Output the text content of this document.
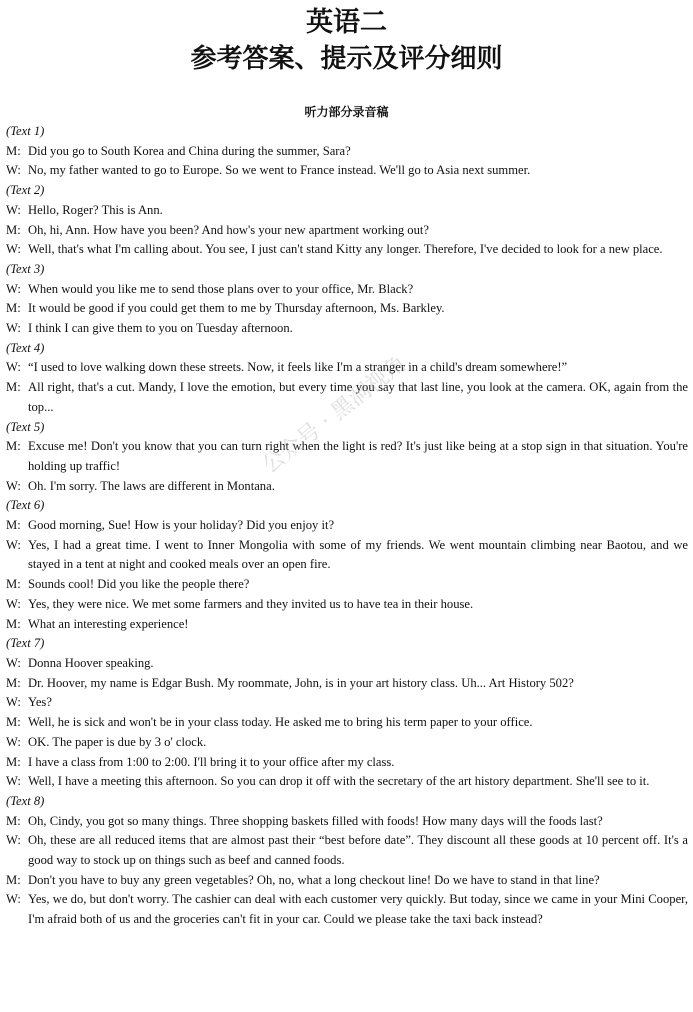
英语二
参考答案、提示及评分细则
听力部分录音稿
(Text 1)
M: Did you go to South Korea and China during the summer, Sara?
W: No, my father wanted to go to Europe. So we went to France instead. We'll go to Asia next summer.
(Text 2)
W: Hello, Roger? This is Ann.
M: Oh, hi, Ann. How have you been? And how's your new apartment working out?
W: Well, that's what I'm calling about. You see, I just can't stand Kitty any longer. Therefore, I've decided to look for a new place.
(Text 3)
W: When would you like me to send those plans over to your office, Mr. Black?
M: It would be good if you could get them to me by Thursday afternoon, Ms. Barkley.
W: I think I can give them to you on Tuesday afternoon.
(Text 4)
W: “I used to love walking down these streets. Now, it feels like I'm a stranger in a child's dream somewhere!”
M: All right, that's a cut. Mandy, I love the emotion, but every time you say that last line, you look at the camera. OK, again from the top...
(Text 5)
M: Excuse me! Don't you know that you can turn right when the light is red? It's just like being at a stop sign in that situation. You're holding up traffic!
W: Oh. I'm sorry. The laws are different in Montana.
(Text 6)
M: Good morning, Sue! How is your holiday? Did you enjoy it?
W: Yes, I had a great time. I went to Inner Mongolia with some of my friends. We went mountain climbing near Baotou, and we stayed in a tent at night and cooked meals over an open fire.
M: Sounds cool! Did you like the people there?
W: Yes, they were nice. We met some farmers and they invited us to have tea in their house.
M: What an interesting experience!
(Text 7)
W: Donna Hoover speaking.
M: Dr. Hoover, my name is Edgar Bush. My roommate, John, is in your art history class. Uh... Art History 502?
W: Yes?
M: Well, he is sick and won't be in your class today. He asked me to bring his term paper to your office.
W: OK. The paper is due by 3 o' clock.
M: I have a class from 1:00 to 2:00. I'll bring it to your office after my class.
W: Well, I have a meeting this afternoon. So you can drop it off with the secretary of the art history department. She'll see to it.
(Text 8)
M: Oh, Cindy, you got so many things. Three shopping baskets filled with foods! How many days will the foods last?
W: Oh, these are all reduced items that are almost past their “best before date”. They discount all these goods at 10 percent off. It's a good way to stock up on things such as beef and canned foods.
M: Don't you have to buy any green vegetables? Oh, no, what a long checkout line! Do we have to stand in that line?
W: Yes, we do, but don't worry. The cashier can deal with each customer very quickly. But today, since we came in your Mini Cooper, I'm afraid both of us and the groceries can't fit in your car. Could we please take the taxi back instead?
公众号 · 黑洞视角
